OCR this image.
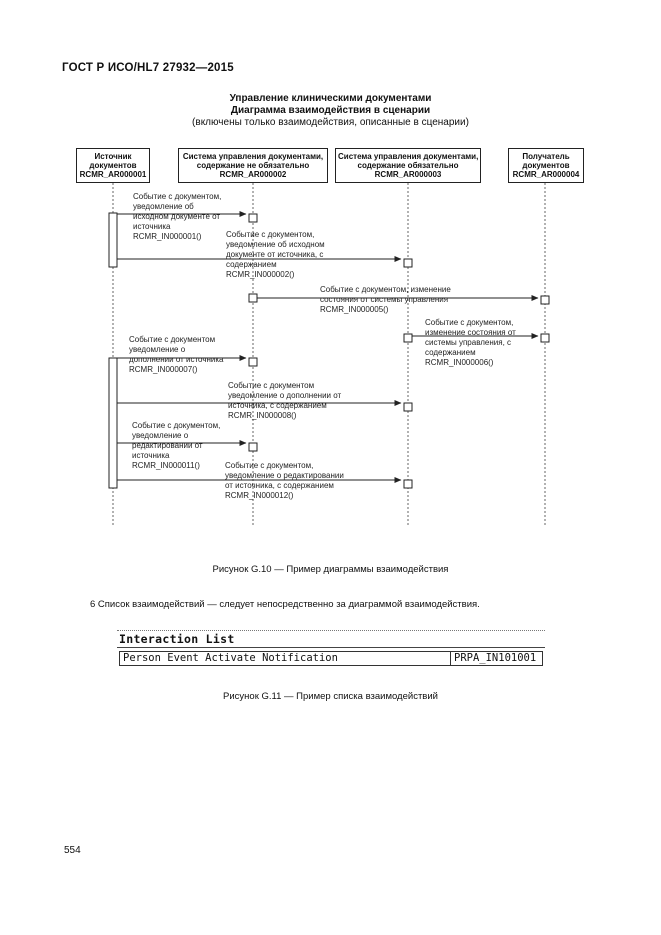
ГОСТ Р ИСО/HL7 27932—2015
Управление клиническими документами
Диаграмма взаимодействия в сценарии
(включены только взаимодействия, описанные в сценарии)
Источник
документов
RCMR_AR000001
Система управления документами,
содержание не обязательно
RCMR_AR000002
Система управления документами,
содержание обязательно
RCMR_AR000003
Получатель
документов
RCMR_AR000004
Событие с документом,
уведомление об
исходном документе от
источника
RCMR_IN000001()	Событие с документом,
уведомление об исходном
документе от источника, с
содержанием
RCMR_IN000002()
Событие с документом, изменение
состояния от системы управления
RCMR_IN000005()
Событие с документом,
изменение состояния от
системы управления, с
содержанием
RCMR_IN000006()
Событие с документом
уведомление о
дополнении от источника
RCMR_IN000007()
Событие с документом
уведомление о дополнении от
источника, с содержанием
RCMR_IN000008()
Событие с документом,
уведомление о
редактировании от
источника
RCMR_IN000011()	Событие с документом,
уведомление о редактировании
от источника, с содержанием
RCMR_IN000012()
Рисунок G.10 — Пример диаграммы взаимодействия
6 Список взаимодействий — следует непосредственно за диаграммой взаимодействия.
Interaction List
Person Event Activate Notification	PRPA_IN101001
Рисунок G.11 — Пример списка взаимодействий
554
